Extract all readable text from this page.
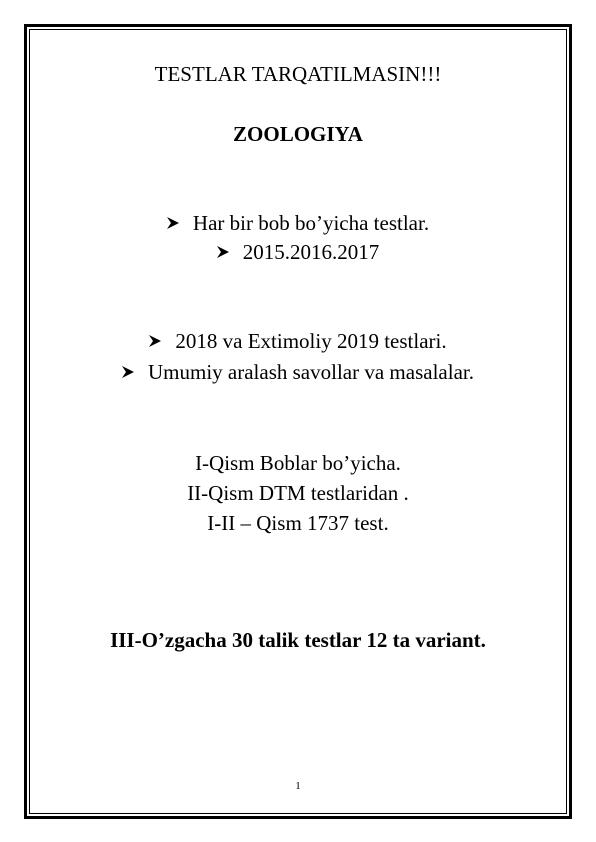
TESTLAR TARQATILMASIN!!!
ZOOLOGIYA
Har bir bob bo’yicha testlar.
2015.2016.2017
2018 va Extimoliy 2019 testlari.
Umumiy aralash savollar va masalalar.
I-Qism Boblar bo’yicha.
II-Qism DTM testlaridan .
I-II – Qism 1737 test.
III-O’zgacha 30 talik testlar 12 ta variant.
1
